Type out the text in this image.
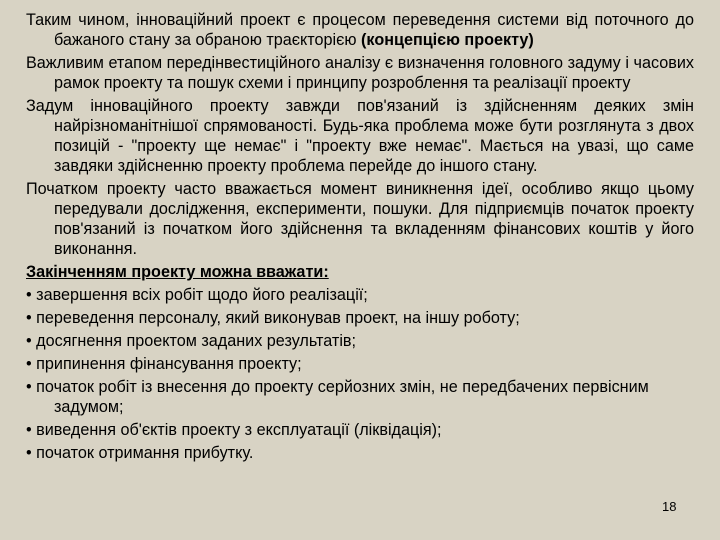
Таким чином, інноваційний проект є процесом переведення системи від поточного до бажаного стану за обраною траєкторією (концепцією проекту)

Важливим етапом передінвестиційного аналізу є визначення головного задуму і часових рамок проекту та пошук схеми і принципу розроблення та реалізації проекту

Задум інноваційного проекту завжди пов'язаний із здійсненням деяких змін найрізноманітнішої спрямованості. Будь-яка проблема може бути розглянута з двох позицій - "проекту ще немає" і "проекту вже немає". Мається на увазі, що саме завдяки здійсненню проекту проблема перейде до іншого стану.

Початком проекту часто вважається момент виникнення ідеї, особливо якщо цьому передували дослідження, експерименти, пошуки. Для підприємців початок проекту пов'язаний із початком його здійснення та вкладенням фінансових коштів у його виконання.

Закінченням проекту можна вважати:
• завершення всіх робіт щодо його реалізації;
• переведення персоналу, який виконував проект, на іншу роботу;
• досягнення проектом заданих результатів;
• припинення фінансування проекту;
• початок робіт із внесення до проекту серйозних змін, не передбачених первісним задумом;
• виведення об'єктів проекту з експлуатації (ліквідація);
• початок отримання прибутку.
18
